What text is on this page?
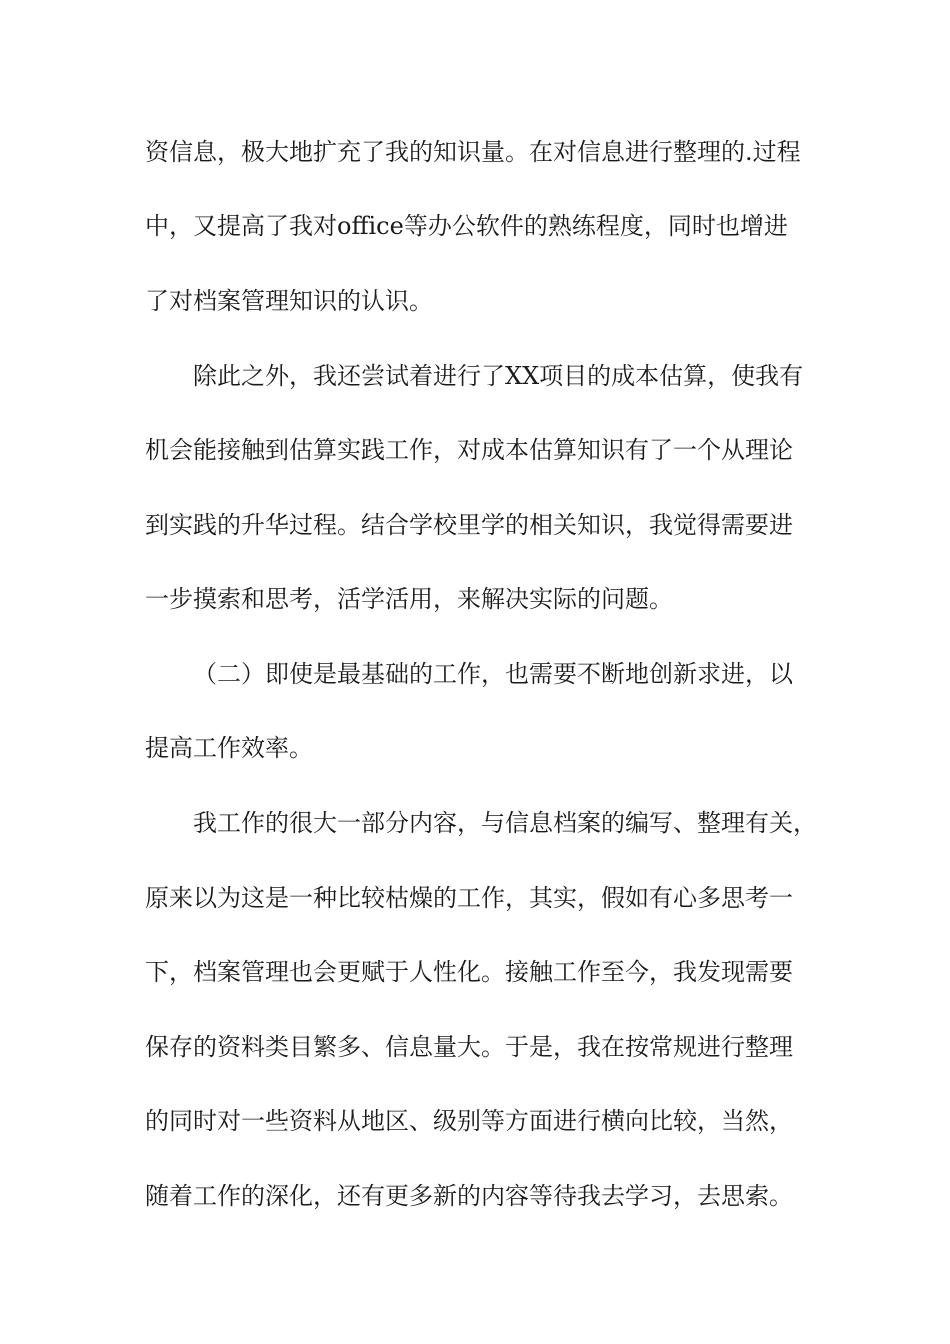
资信息，极大地扩充了我的知识量。在对信息进行整理的.过程
中，又提高了我对office等办公软件的熟练程度，同时也增进
了对档案管理知识的认识。
除此之外，我还尝试着进行了XX项目的成本估算，使我有
机会能接触到估算实践工作，对成本估算知识有了一个从理论
到实践的升华过程。结合学校里学的相关知识，我觉得需要进
一步摸索和思考，活学活用，来解决实际的问题。
（二）即使是最基础的工作，也需要不断地创新求进，以
提高工作效率。
我工作的很大一部分内容，与信息档案的编写、整理有关，
原来以为这是一种比较枯燥的工作，其实，假如有心多思考一
下，档案管理也会更赋于人性化。接触工作至今，我发现需要
保存的资料类目繁多、信息量大。于是，我在按常规进行整理
的同时对一些资料从地区、级别等方面进行横向比较，当然，
随着工作的深化，还有更多新的内容等待我去学习，去思索。
